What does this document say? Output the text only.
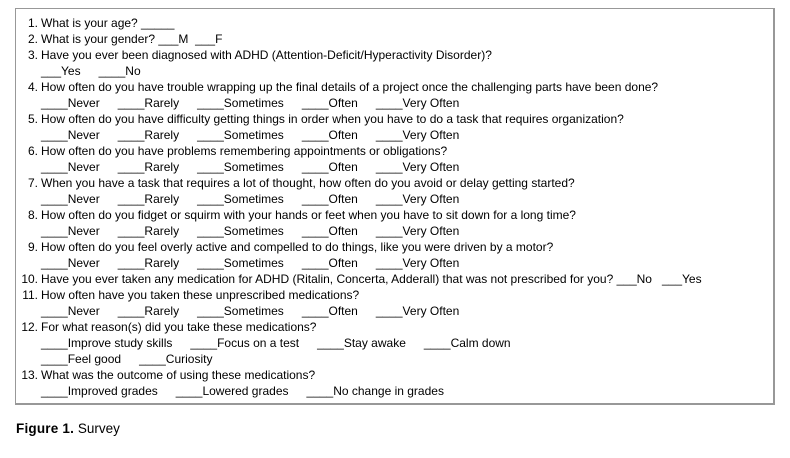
1. What is your age? _____
2. What is your gender? ___M  ___F
3. Have you ever been diagnosed with ADHD (Attention-Deficit/Hyperactivity Disorder)?
___Yes ____No
4. How often do you have trouble wrapping up the final details of a project once the challenging parts have been done?
____Never ____Rarely ____Sometimes ____Often ____Very Often
5. How often do you have difficulty getting things in order when you have to do a task that requires organization?
____Never ____Rarely ____Sometimes ____Often ____Very Often
6. How often do you have problems remembering appointments or obligations?
____Never ____Rarely ____Sometimes ____Often ____Very Often
7. When you have a task that requires a lot of thought, how often do you avoid or delay getting started?
____Never ____Rarely ____Sometimes ____Often ____Very Often
8. How often do you fidget or squirm with your hands or feet when you have to sit down for a long time?
____Never ____Rarely ____Sometimes ____Often ____Very Often
9. How often do you feel overly active and compelled to do things, like you were driven by a motor?
____Never ____Rarely ____Sometimes ____Often ____Very Often
10. Have you ever taken any medication for ADHD (Ritalin, Concerta, Adderall) that was not prescribed for you? ___No   ___Yes
11. How often have you taken these unprescribed medications?
____Never ____Rarely ____Sometimes ____Often ____Very Often
12. For what reason(s) did you take these medications?
____Improve study skills ____Focus on a test ____Stay awake ____Calm down
____Feel good ____Curiosity
13. What was the outcome of using these medications?
____Improved grades ____Lowered grades ____No change in grades
Figure 1. Survey
